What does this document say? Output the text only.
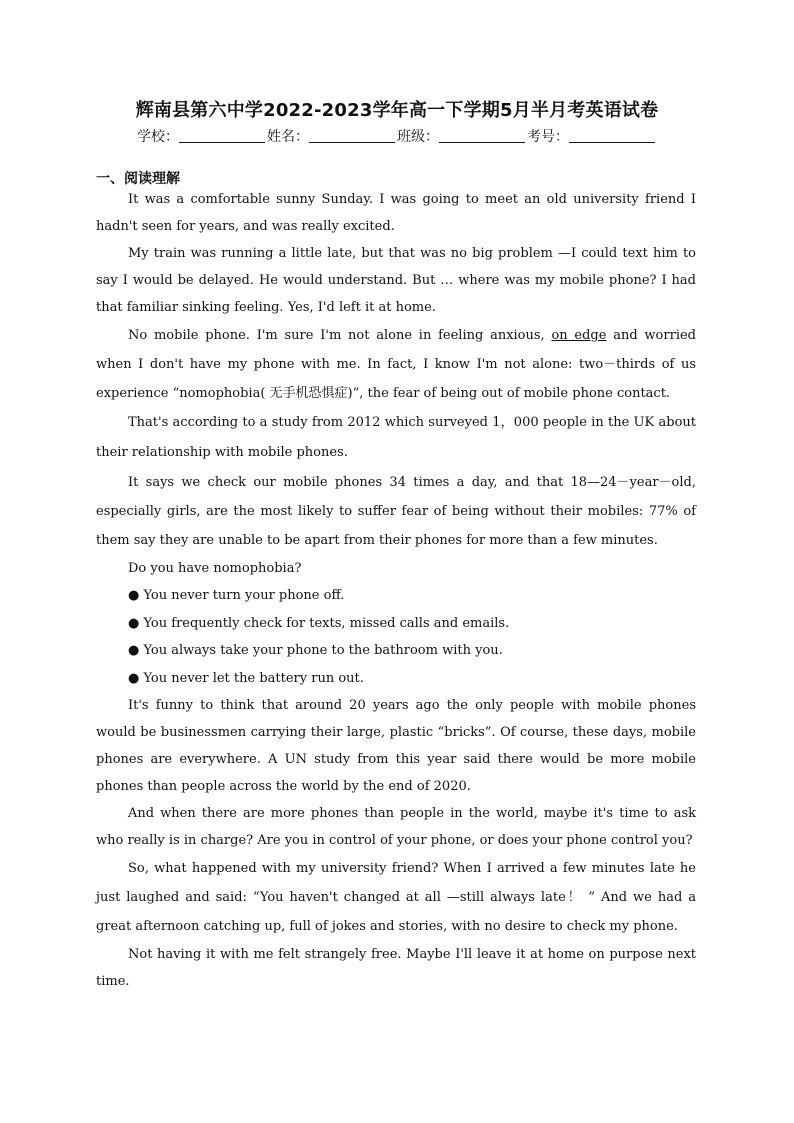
辉南县第六中学2022-2023学年高一下学期5月半月考英语试卷
学校：	姓名：	班级：	考号：
一、阅读理解

It was a comfortable sunny Sunday. I was going to meet an old university friend I hadn't seen for years, and was really excited.

My train was running a little late, but that was no big problem —I could text him to say I would be delayed. He would understand. But … where was my mobile phone? I had that familiar sinking feeling. Yes, I'd left it at home.

No mobile phone. I'm sure I'm not alone in feeling anxious, on edge and worried when I don't have my phone with me. In fact, I know I'm not alone: two－thirds of us experience “nomophobia( 无手机恐惧症)”, the fear of being out of mobile phone contact.

That's according to a study from 2012 which surveyed 1，000 people in the UK about their relationship with mobile phones.

It says we check our mobile phones 34 times a day, and that 18—24－year－old, especially girls, are the most likely to suffer fear of being without their mobiles: 77% of them say they are unable to be apart from their phones for more than a few minutes.

Do you have nomophobia?

● You never turn your phone off.

● You frequently check for texts, missed calls and emails.

● You always take your phone to the bathroom with you.

● You never let the battery run out.

It's funny to think that around 20 years ago the only people with mobile phones would be businessmen carrying their large, plastic “bricks”. Of course, these days, mobile phones are everywhere. A UN study from this year said there would be more mobile phones than people across the world by the end of 2020.

And when there are more phones than people in the world, maybe it's time to ask who really is in charge? Are you in control of your phone, or does your phone control you?

So, what happened with my university friend? When I arrived a few minutes late he just laughed and said: “You haven't changed at all —still always late！ ” And we had a great afternoon catching up, full of jokes and stories, with no desire to check my phone.

Not having it with me felt strangely free. Maybe I'll leave it at home on purpose next time.
